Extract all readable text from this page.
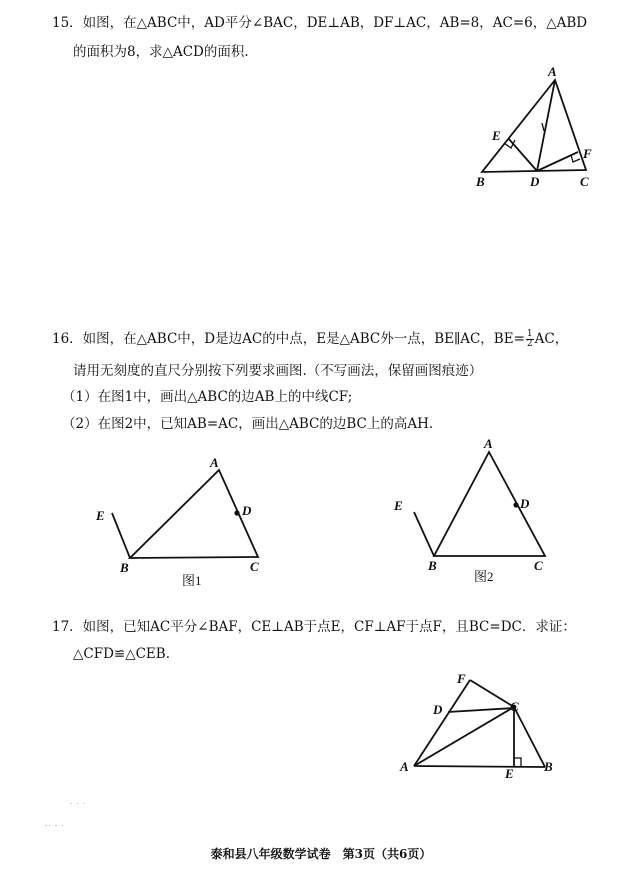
15．如图，在△ABC中，AD平分∠BAC，DE⊥AB，DF⊥AC，AB=8，AC=6，△ABD
的面积为8，求△ACD的面积.
A
B	C
D
E
F
16．如图，在△ABC中，D是边AC的中点，E是△ABC外一点，BE∥AC，$BE= \frac{1}{2}$ AC，
请用无刻度的直尺分别按下列要求画图.（不写画法，保留画图痕迹）
（1）在图1中，画出△ABC的边AB上的中线CF;
（2）在图2中，已知AB=AC，画出△ABC的边BC上的高AH.
A
B	C
D
E
图1
A
B	C
D
E
图2
17．如图，已知AC平分∠BAF，CE⊥AB于点E，CF⊥AF于点F，且BC=DC．求证：
△CFD≌△CEB.
A	B
C
D
E
F
· · ·
-· - ·
泰和县八年级数学试卷　第3页（共6页）
